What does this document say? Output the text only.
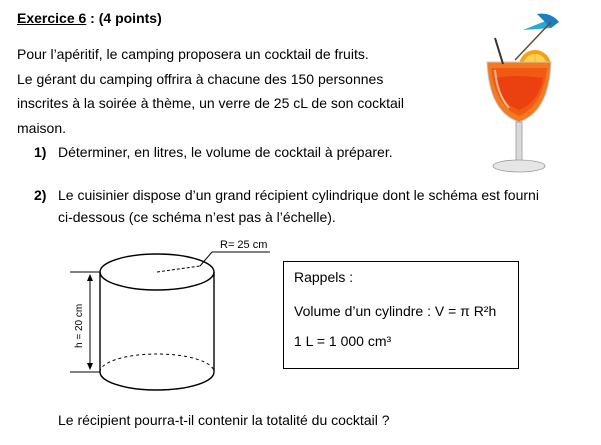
Exercice 6 : (4 points)
Pour l’apéritif, le camping proposera un cocktail de fruits.
Le gérant du camping offrira à chacune des 150 personnes
inscrites à la soirée à thème, un verre de 25 cL de son cocktail
maison.
1) Déterminer, en litres, le volume de cocktail à préparer.
2) Le cuisinier dispose d’un grand récipient cylindrique dont le schéma est fourni
ci-dessous (ce schéma n’est pas à l’échelle).
R= 25 cm
h = 20 cm
Rappels :
Volume d’un cylindre : V = π R²h
1 L = 1 000 cm³
Le récipient pourra-t-il contenir la totalité du cocktail ?
